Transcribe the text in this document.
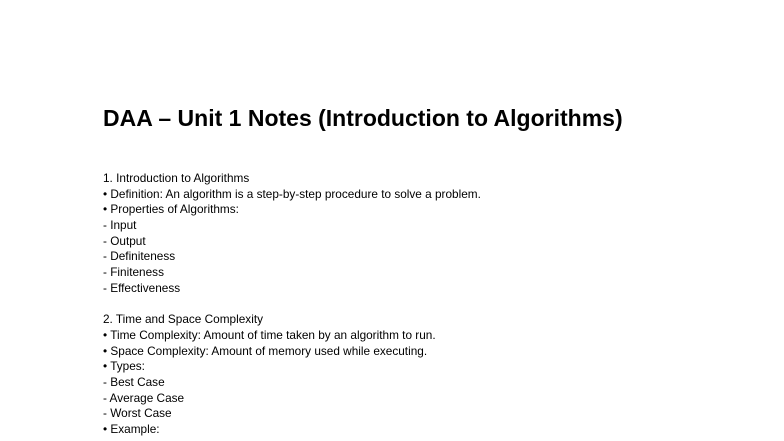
DAA – Unit 1 Notes (Introduction to Algorithms)
1. Introduction to Algorithms
• Definition: An algorithm is a step-by-step procedure to solve a problem.
• Properties of Algorithms:
- Input
- Output
- Definiteness
- Finiteness
- Effectiveness
2. Time and Space Complexity
• Time Complexity: Amount of time taken by an algorithm to run.
• Space Complexity: Amount of memory used while executing.
• Types:
- Best Case
- Average Case
- Worst Case
• Example:
